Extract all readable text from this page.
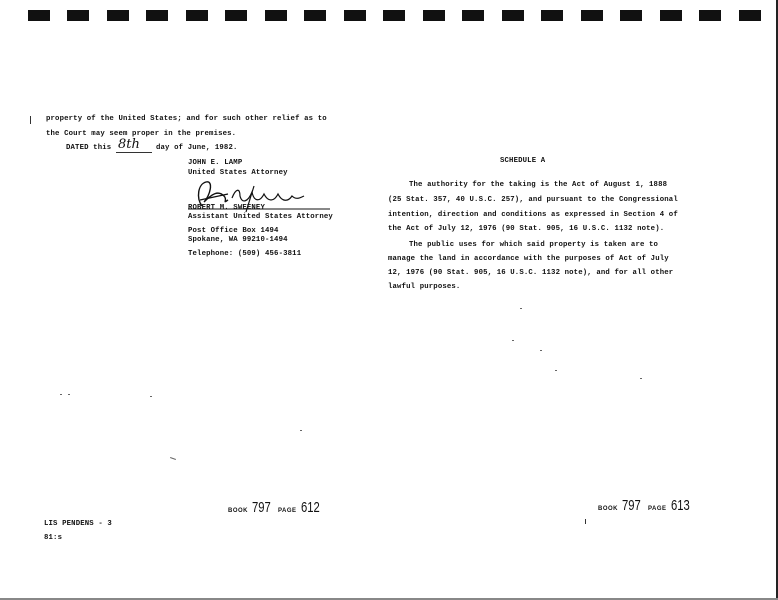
property of the United States; and for such other relief as to
the Court may seem proper in the premises.
DATED this 8th day of June, 1982.
JOHN E. LAMP
United States Attorney
ROBERT M. SWEENEY
Assistant United States Attorney
Post Office Box 1494
Spokane, WA 99210-1494
Telephone: (509) 456-3811
BOOK 797 PAGE 612
LIS PENDENS - 3
81:s
SCHEDULE A
The authority for the taking is the Act of August 1, 1888
(25 Stat. 357, 40 U.S.C. 257), and pursuant to the Congressional
intention, direction and conditions as expressed in Section 4 of
the Act of July 12, 1976 (90 Stat. 905, 16 U.S.C. 1132 note).
The public uses for which said property is taken are to
manage the land in accordance with the purposes of Act of July
12, 1976 (90 Stat. 905, 16 U.S.C. 1132 note), and for all other
lawful purposes.
BOOK 797 PAGE 613
